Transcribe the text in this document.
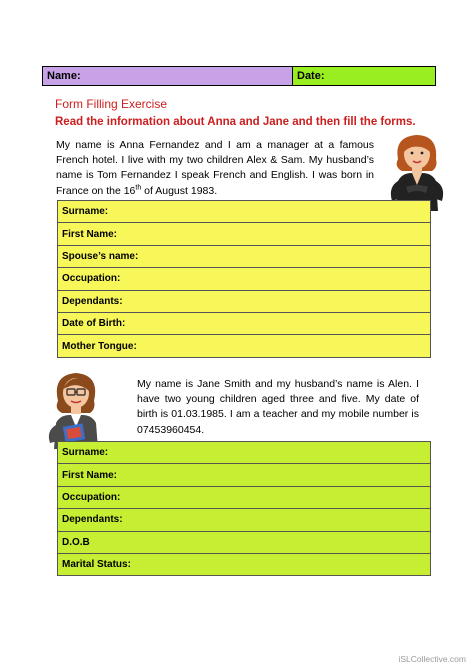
Name:	Date:
Form Filling Exercise
Read the information about Anna and Jane and then fill the forms.
My name is Anna Fernandez and I am a manager at a famous French hotel. I live with my two children Alex & Sam. My husband’s name is Tom Fernandez I speak French and English. I was born in France on the 16th of August 1983.
Surname:
First Name:
Spouse’s name:
Occupation:
Dependants:
Date of Birth:
Mother Tongue:
My name is Jane Smith and my husband’s name is Alen. I have two young children aged three and five. My date of birth is 01.03.1985. I am a teacher and my mobile number is 07453960454.
Surname:
First Name:
Occupation:
Dependants:
D.O.B
Marital Status:
iSLCollective.com
